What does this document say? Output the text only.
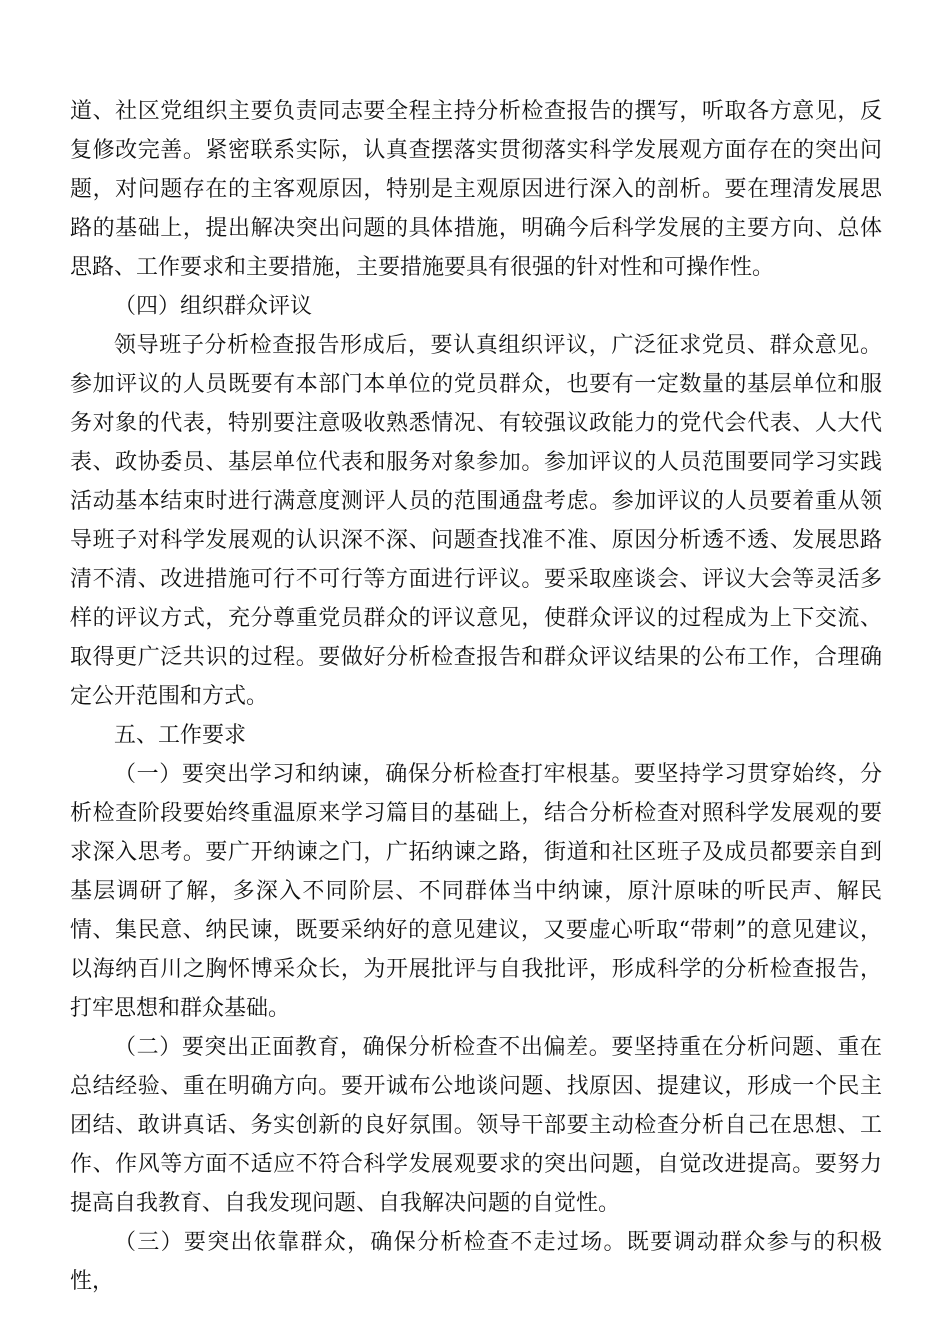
道、社区党组织主要负责同志要全程主持分析检查报告的撰写，听取各方意见，反复修改完善。紧密联系实际，认真查摆落实贯彻落实科学发展观方面存在的突出问题，对问题存在的主客观原因，特别是主观原因进行深入的剖析。要在理清发展思路的基础上，提出解决突出问题的具体措施，明确今后科学发展的主要方向、总体思路、工作要求和主要措施，主要措施要具有很强的针对性和可操作性。

（四）组织群众评议

领导班子分析检查报告形成后，要认真组织评议，广泛征求党员、群众意见。参加评议的人员既要有本部门本单位的党员群众，也要有一定数量的基层单位和服务对象的代表，特别要注意吸收熟悉情况、有较强议政能力的党代会代表、人大代表、政协委员、基层单位代表和服务对象参加。参加评议的人员范围要同学习实践活动基本结束时进行满意度测评人员的范围通盘考虑。参加评议的人员要着重从领导班子对科学发展观的认识深不深、问题查找准不准、原因分析透不透、发展思路清不清、改进措施可行不可行等方面进行评议。要采取座谈会、评议大会等灵活多样的评议方式，充分尊重党员群众的评议意见，使群众评议的过程成为上下交流、取得更广泛共识的过程。要做好分析检查报告和群众评议结果的公布工作，合理确定公开范围和方式。

五、工作要求

（一）要突出学习和纳谏，确保分析检查打牢根基。要坚持学习贯穿始终，分析检查阶段要始终重温原来学习篇目的基础上，结合分析检查对照科学发展观的要求深入思考。要广开纳谏之门，广拓纳谏之路，街道和社区班子及成员都要亲自到基层调研了解，多深入不同阶层、不同群体当中纳谏，原汁原味的听民声、解民情、集民意、纳民谏，既要采纳好的意见建议，又要虚心听取“带刺”的意见建议，以海纳百川之胸怀博采众长，为开展批评与自我批评，形成科学的分析检查报告，打牢思想和群众基础。

（二）要突出正面教育，确保分析检查不出偏差。要坚持重在分析问题、重在总结经验、重在明确方向。要开诚布公地谈问题、找原因、提建议，形成一个民主团结、敢讲真话、务实创新的良好氛围。领导干部要主动检查分析自己在思想、工作、作风等方面不适应不符合科学发展观要求的突出问题，自觉改进提高。要努力提高自我教育、自我发现问题、自我解决问题的自觉性。

（三）要突出依靠群众，确保分析检查不走过场。既要调动群众参与的积极性，
